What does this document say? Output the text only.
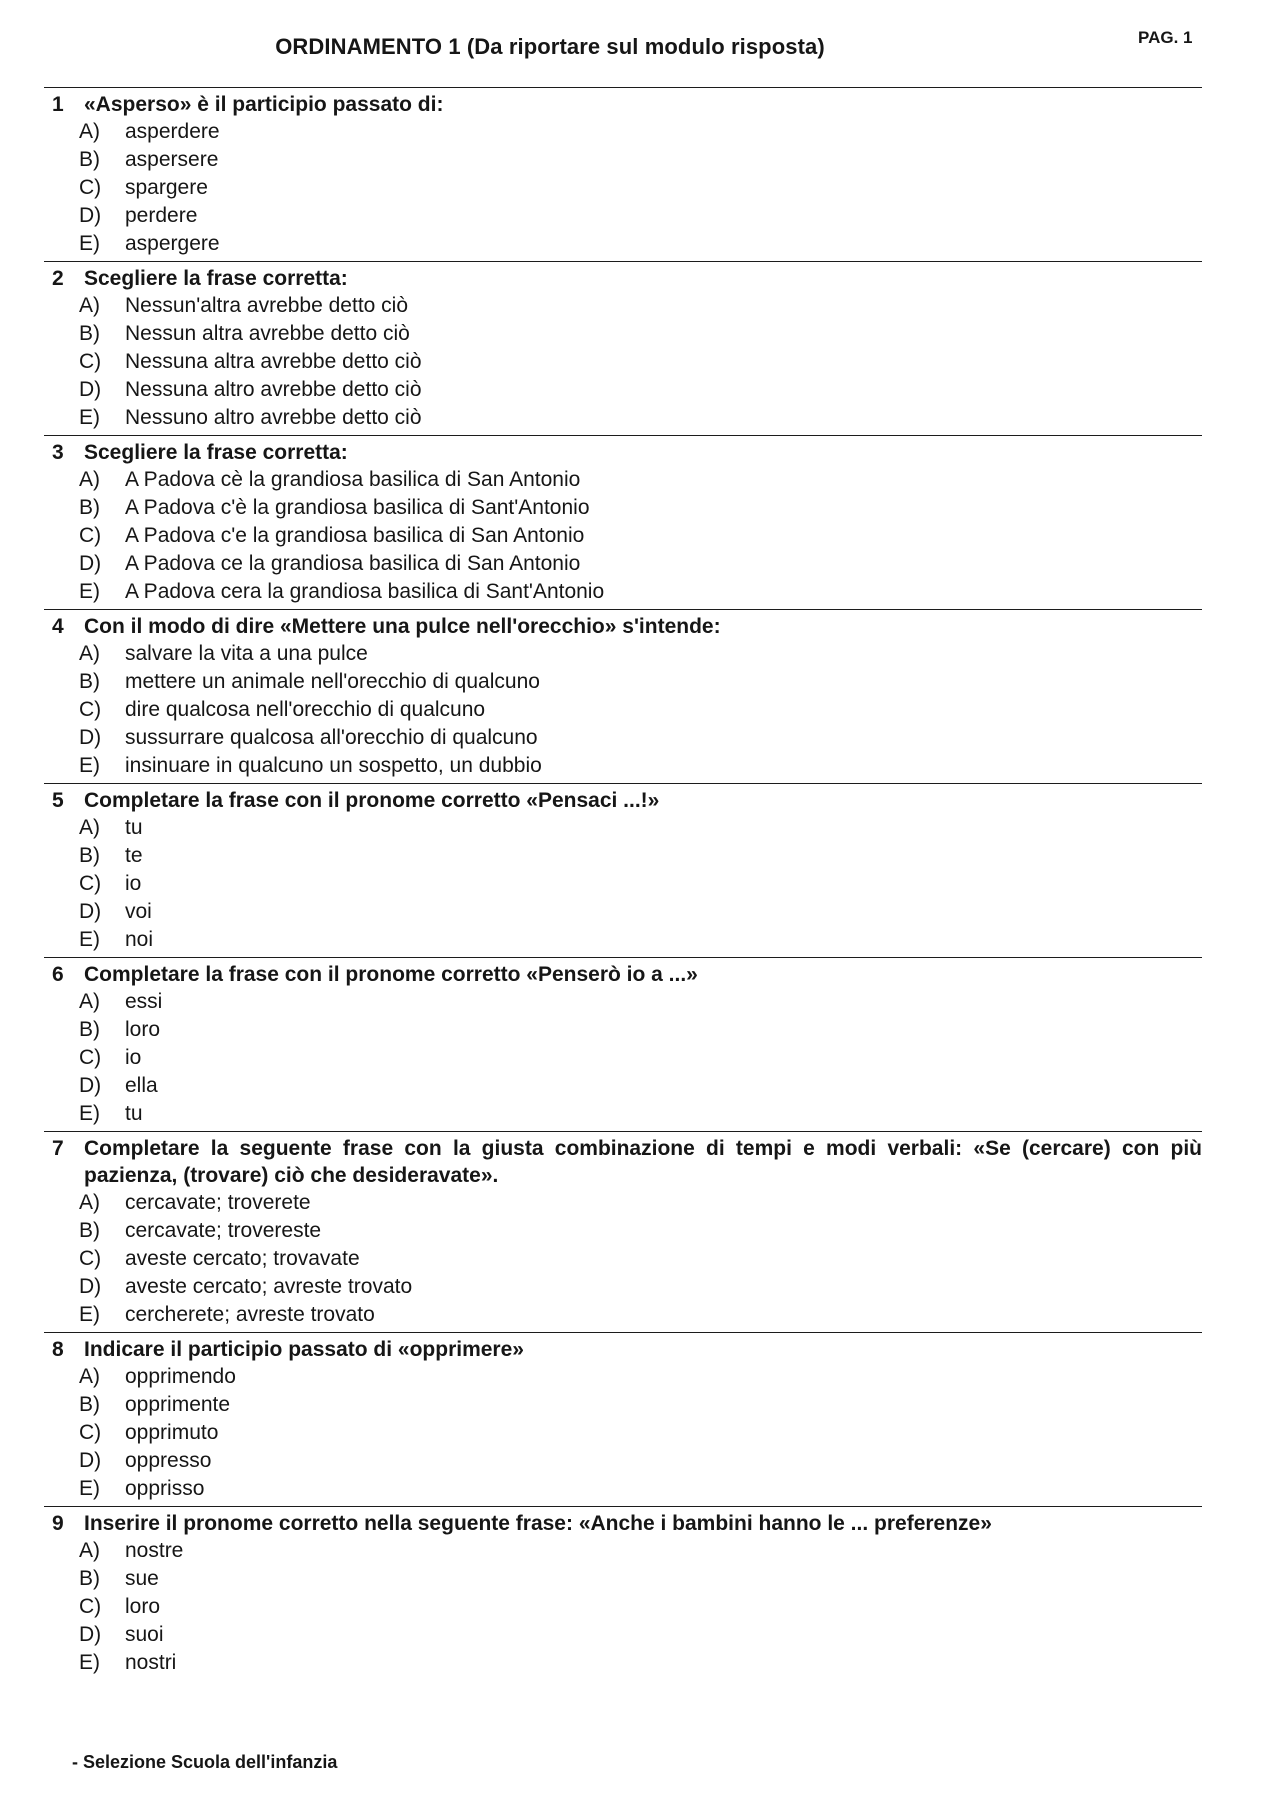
ORDINAMENTO 1 (Da riportare sul modulo risposta)	PAG. 1
1 «Asperso» è il participio passato di:
A)	asperdere
B)	aspersere
C)	spargere
D)	perdere
E)	aspergere
2 Scegliere la frase corretta:
A)	Nessun'altra avrebbe detto ciò
B)	Nessun altra avrebbe detto ciò
C)	Nessuna altra avrebbe detto ciò
D)	Nessuna altro avrebbe detto ciò
E)	Nessuno altro avrebbe detto ciò
3 Scegliere la frase corretta:
A)	A Padova cè la grandiosa basilica di San Antonio
B)	A Padova c'è la grandiosa basilica di Sant'Antonio
C)	A Padova c'e la grandiosa basilica di San Antonio
D)	A Padova ce la grandiosa basilica di San Antonio
E)	A Padova cera la grandiosa basilica di Sant'Antonio
4 Con il modo di dire «Mettere una pulce nell'orecchio» s'intende:
A)	salvare la vita a una pulce
B)	mettere un animale nell'orecchio di qualcuno
C)	dire qualcosa nell'orecchio di qualcuno
D)	sussurrare qualcosa all'orecchio di qualcuno
E)	insinuare in qualcuno un sospetto, un dubbio
5 Completare la frase con il pronome corretto «Pensaci ...!»
A)	tu
B)	te
C)	io
D)	voi
E)	noi
6 Completare la frase con il pronome corretto «Penserò io a ...»
A)	essi
B)	loro
C)	io
D)	ella
E)	tu
7 Completare la seguente frase con la giusta combinazione di tempi e modi verbali: «Se (cercare) con più pazienza, (trovare) ciò che desideravate».
A)	cercavate; troverete
B)	cercavate; trovereste
C)	aveste cercato; trovavate
D)	aveste cercato; avreste trovato
E)	cercherete; avreste trovato
8 Indicare il participio passato di «opprimere»
A)	opprimendo
B)	opprimente
C)	opprimuto
D)	oppresso
E)	opprisso
9 Inserire il pronome corretto nella seguente frase: «Anche i bambini hanno le ... preferenze»
A)	nostre
B)	sue
C)	loro
D)	suoi
E)	nostri
- Selezione Scuola dell'infanzia
